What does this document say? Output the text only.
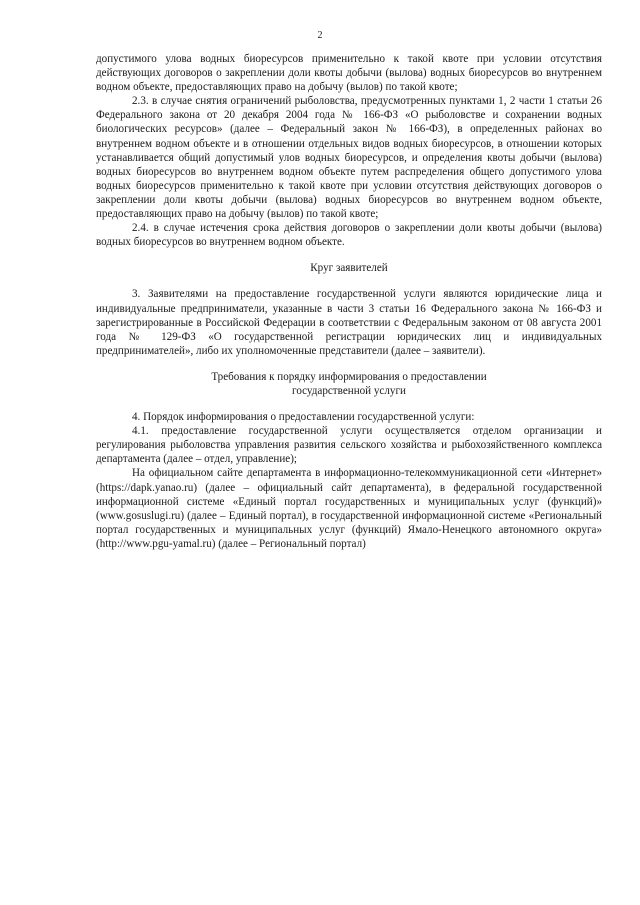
2

допустимого улова водных биоресурсов применительно к такой квоте при условии отсутствия действующих договоров о закреплении доли квоты добычи (вылова) водных биоресурсов во внутреннем водном объекте, предоставляющих право на добычу (вылов) по такой квоте;

2.3. в случае снятия ограничений рыболовства, предусмотренных пунктами 1, 2 части 1 статьи 26 Федерального закона от 20 декабря 2004 года № 166-ФЗ «О рыболовстве и сохранении водных биологических ресурсов» (далее – Федеральный закон № 166-ФЗ), в определенных районах во внутреннем водном объекте и в отношении отдельных видов водных биоресурсов, в отношении которых устанавливается общий допустимый улов водных биоресурсов, и определения квоты добычи (вылова) водных биоресурсов во внутреннем водном объекте путем распределения общего допустимого улова водных биоресурсов применительно к такой квоте при условии отсутствия действующих договоров о закреплении доли квоты добычи (вылова) водных биоресурсов во внутреннем водном объекте, предоставляющих право на добычу (вылов) по такой квоте;

2.4. в случае истечения срока действия договоров о закреплении доли квоты добычи (вылова) водных биоресурсов во внутреннем водном объекте.

Круг заявителей

3. Заявителями на предоставление государственной услуги являются юридические лица и индивидуальные предприниматели, указанные в части 3 статьи 16 Федерального закона № 166-ФЗ и зарегистрированные в Российской Федерации в соответствии с Федеральным законом от 08 августа 2001 года № 129-ФЗ «О государственной регистрации юридических лиц и индивидуальных предпринимателей», либо их уполномоченные представители (далее – заявители).

Требования к порядку информирования о предоставлении
государственной услуги

4. Порядок информирования о предоставлении государственной услуги:

4.1. предоставление государственной услуги осуществляется отделом организации и регулирования рыболовства управления развития сельского хозяйства и рыбохозяйственного комплекса департамента (далее – отдел, управление);

На официальном сайте департамента в информационно-телекоммуникационной сети «Интернет» (https://dapk.yanao.ru) (далее – официальный сайт департамента), в федеральной государственной информационной системе «Единый портал государственных и муниципальных услуг (функций)» (www.gosuslugi.ru) (далее – Единый портал), в государственной информационной системе «Региональный портал государственных и муниципальных услуг (функций) Ямало-Ненецкого автономного округа» (http://www.pgu-yamal.ru) (далее – Региональный портал)
